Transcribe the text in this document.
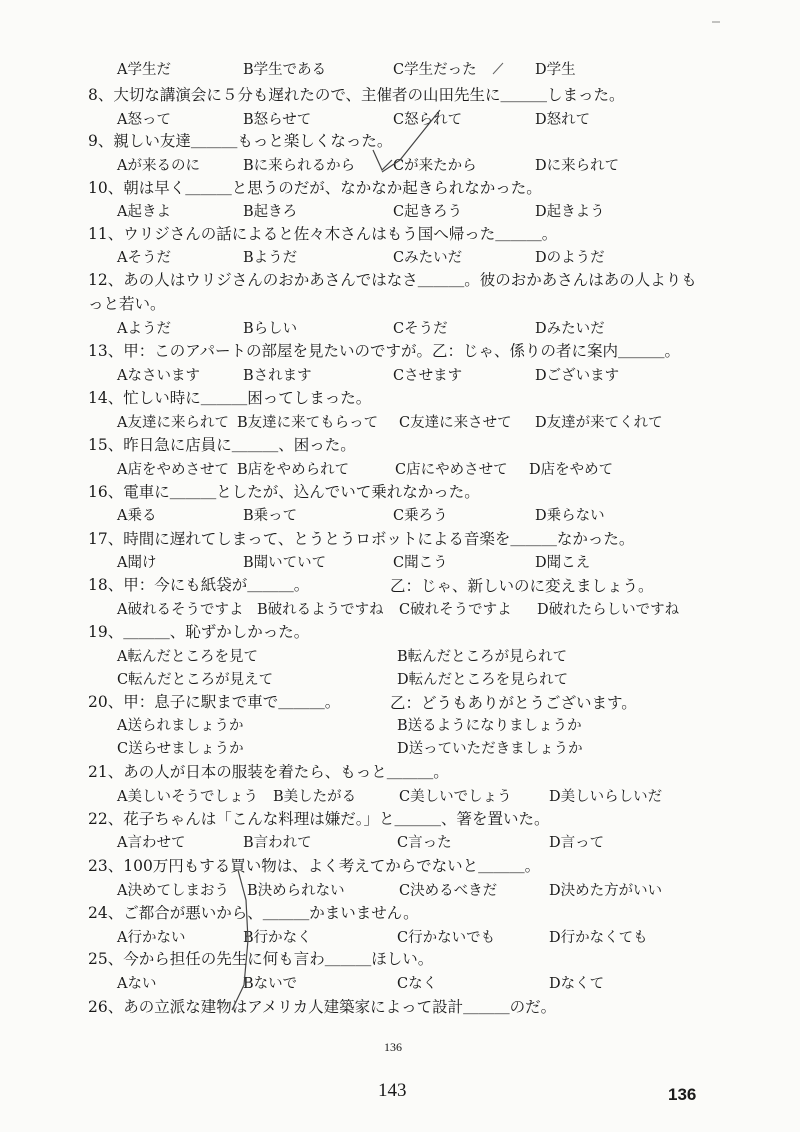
A学生だ	B学生である	C学生だった	D学生
8、大切な講演会に５分も遅れたので、主催者の山田先生に＿＿＿しまった。
A怒って	B怒らせて	C怒られて	D怒れて
9、親しい友達＿＿＿もっと楽しくなった。
Aが来るのに	Bに来られるから	Cが来たから	Dに来られて
10、朝は早く＿＿＿と思うのだが、なかなか起きられなかった。
A起きよ	B起きろ	C起きろう	D起きよう
11、ウリジさんの話によると佐々木さんはもう国へ帰った＿＿＿。
Aそうだ	Bようだ	Cみたいだ	Dのようだ
12、あの人はウリジさんのおかあさんではなさ＿＿＿。彼のおかあさんはあの人よりもっと若い。
Aようだ	Bらしい	Cそうだ	Dみたいだ
13、甲：このアパートの部屋を見たいのですが。乙：じゃ、係りの者に案内＿＿＿。
Aなさいます	Bされます	Cさせます	Dございます
14、忙しい時に＿＿＿困ってしまった。
A友達に来られて B友達に来てもらって C友達に来させて D友達が来てくれて
15、昨日急に店員に＿＿＿、困った。
A店をやめさせて B店をやめられて	C店にやめさせて D店をやめて
16、電車に＿＿＿としたが、込んでいて乗れなかった。
A乗る	B乗って	C乗ろう	D乗らない
17、時間に遅れてしまって、とうとうロボットによる音楽を＿＿＿なかった。
A聞け	B聞いていて	C聞こう	D聞こえ
18、甲：今にも紙袋が＿＿＿。	乙：じゃ、新しいのに変えましょう。
A破れるそうですよ B破れるようですね C破れそうですよ D破れたらしいですね
19、＿＿＿、恥ずかしかった。
A転んだところを見て	B転んだところが見られて
C転んだところが見えて	D転んだところを見られて
20、甲：息子に駅まで車で＿＿＿。	乙：どうもありがとうございます。
A送られましょうか	B送るようになりましょうか
C送らせましょうか	D送っていただきましょうか
21、あの人が日本の服装を着たら、もっと＿＿＿。
A美しいそうでしょう B美したがる	C美しいでしょう	D美しいらしいだ
22、花子ちゃんは「こんな料理は嫌だ。」と＿＿＿、箸を置いた。
A言わせて	B言われて	C言った	D言って
23、100万円もする買い物は、よく考えてからでないと＿＿＿。
A決めてしまおう B決められない	C決めるべきだ	D決めた方がいい
24、ご都合が悪いから、＿＿＿かまいません。
A行かない	B行かなく	C行かないでも	D行かなくても
25、今から担任の先生に何も言わ＿＿＿ほしい。
Aない	Bないで	Cなく	Dなくて
26、あの立派な建物はアメリカ人建築家によって設計＿＿＿のだ。
136
143	136
